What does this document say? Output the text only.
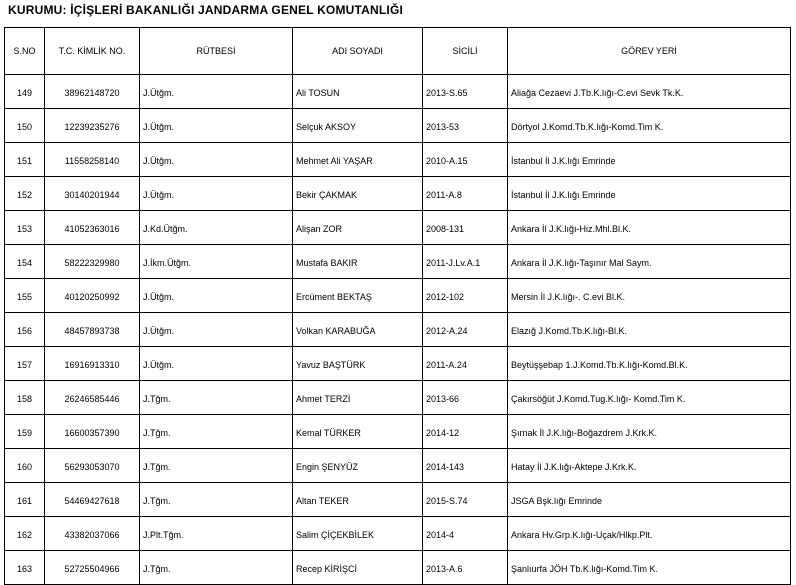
KURUMU: İÇİŞLERİ BAKANLIĞI JANDARMA GENEL KOMUTANLIĞI
S.NO	T.C. KİMLİK NO.	RÜTBESİ	ADI SOYADI	SİCİLİ	GÖREV YERİ
149	38962148720	J.Ütğm.	Ali TOSUN	2013-S.65	Aliağa Cezaevi J.Tb.K.lığı-C.evi Sevk Tk.K.
150	12239235276	J.Ütğm.	Selçuk AKSOY	2013-53	Dörtyol J.Komd.Tb.K.lığı-Komd.Tim K.
151	11558258140	J.Ütğm.	Mehmet Ali YAŞAR	2010-A.15	İstanbul İl J.K.lığı Emrinde
152	30140201944	J.Ütğm.	Bekir ÇAKMAK	2011-A.8	İstanbul İl J.K.lığı Emrinde
153	41052363016	J.Kd.Ütğm.	Alişan ZOR	2008-131	Ankara İl J.K.lığı-Hiz.Mhl.Bl.K.
154	58222329980	J.İkm.Ütğm.	Mustafa BAKIR	2011-J.Lv.A.1	Ankara İl J.K.lığı-Taşınır Mal Saym.
155	40120250992	J.Ütğm.	Ercüment BEKTAŞ	2012-102	Mersin İl J.K.lığı-. C.evi Bl.K.
156	48457893738	J.Ütğm.	Volkan KARABUĞA	2012-A.24	Elazığ J.Komd.Tb.K.lığı-Bl.K.
157	16916913310	J.Ütğm.	Yavuz BAŞTÜRK	2011-A.24	Beytüşşebap 1.J.Komd.Tb.K.lığı-Komd.Bl.K.
158	26246585446	J.Tğm.	Ahmet TERZİ	2013-66	Çakırsöğüt J.Komd.Tug.K.lığı- Komd.Tim K.
159	16600357390	J.Tğm.	Kemal TÜRKER	2014-12	Şırnak İl J.K.lığı-Boğazdrem J.Krk.K.
160	56293053070	J.Tğm.	Engin ŞENYÜZ	2014-143	Hatay İl J.K.lığı-Aktepe J.Krk.K.
161	54469427618	J.Tğm.	Altan TEKER	2015-S.74	JSGA Bşk.lığı Emrinde
162	43382037066	J.Plt.Tğm.	Salim ÇİÇEKBİLEK	2014-4	Ankara Hv.Grp.K.lığı-Uçak/Hlkp.Plt.
163	52725504966	J.Tğm.	Recep KİRİŞCİ	2013-A.6	Şanlıurfa JÖH Tb.K.lığı-Komd.Tim K.
